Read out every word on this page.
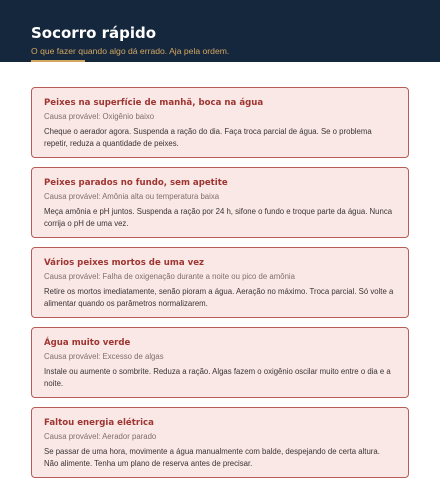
Socorro rápido
O que fazer quando algo dá errado. Aja pela ordem.
Peixes na superfície de manhã, boca na água
Causa provável: Oxigênio baixo
Cheque o aerador agora. Suspenda a ração do dia. Faça troca parcial de água. Se o problema repetir, reduza a quantidade de peixes.
Peixes parados no fundo, sem apetite
Causa provável: Amônia alta ou temperatura baixa
Meça amônia e pH juntos. Suspenda a ração por 24 h, sifone o fundo e troque parte da água. Nunca corrija o pH de uma vez.
Vários peixes mortos de uma vez
Causa provável: Falha de oxigenação durante a noite ou pico de amônia
Retire os mortos imediatamente, senão pioram a água. Aeração no máximo. Troca parcial. Só volte a alimentar quando os parâmetros normalizarem.
Água muito verde
Causa provável: Excesso de algas
Instale ou aumente o sombrite. Reduza a ração. Algas fazem o oxigênio oscilar muito entre o dia e a noite.
Faltou energia elétrica
Causa provável: Aerador parado
Se passar de uma hora, movimente a água manualmente com balde, despejando de certa altura. Não alimente. Tenha um plano de reserva antes de precisar.
